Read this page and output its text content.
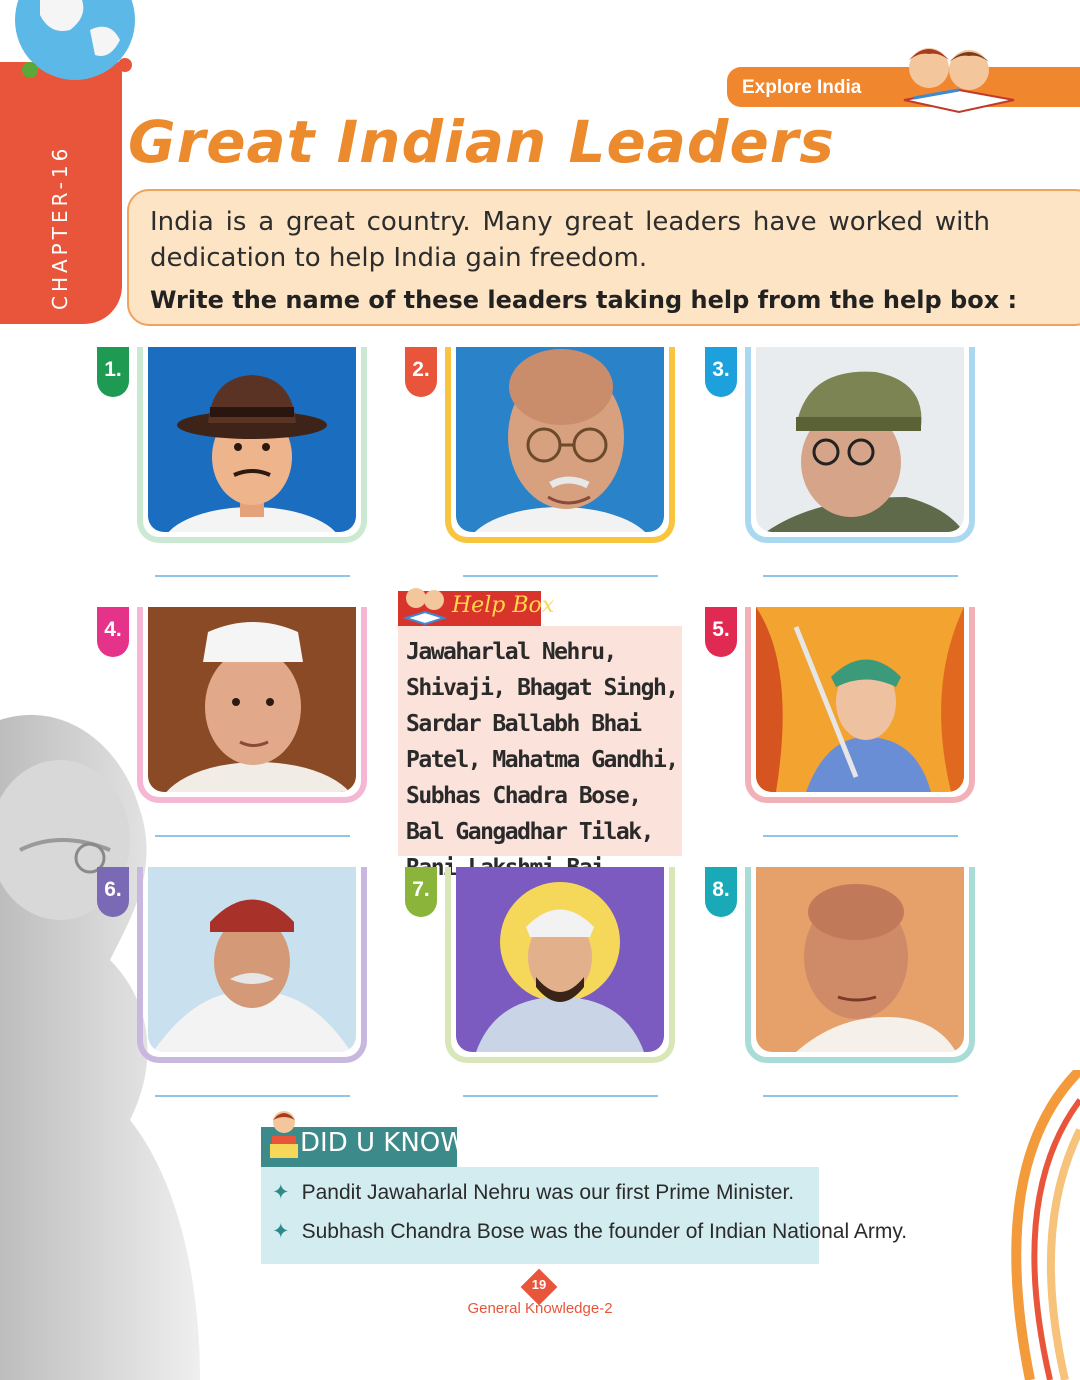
CHAPTER-16
Explore India
Great Indian Leaders
India is a great country. Many great leaders have worked with dedication to help India gain freedom.
Write the name of these leaders taking help from the help box :
1.	2.	3.
4.
Help Box
Jawaharlal Nehru, Shivaji, Bhagat Singh, Sardar Ballabh Bhai Patel, Mahatma Gandhi, Subhas Chadra Bose, Bal Gangadhar Tilak,
5.
6.	7.	8.
DID U KNOW?
✦ Pandit Jawaharlal Nehru was our first Prime Minister.
✦ Subhash Chandra Bose was the founder of Indian National Army.
19
General Knowledge-2
